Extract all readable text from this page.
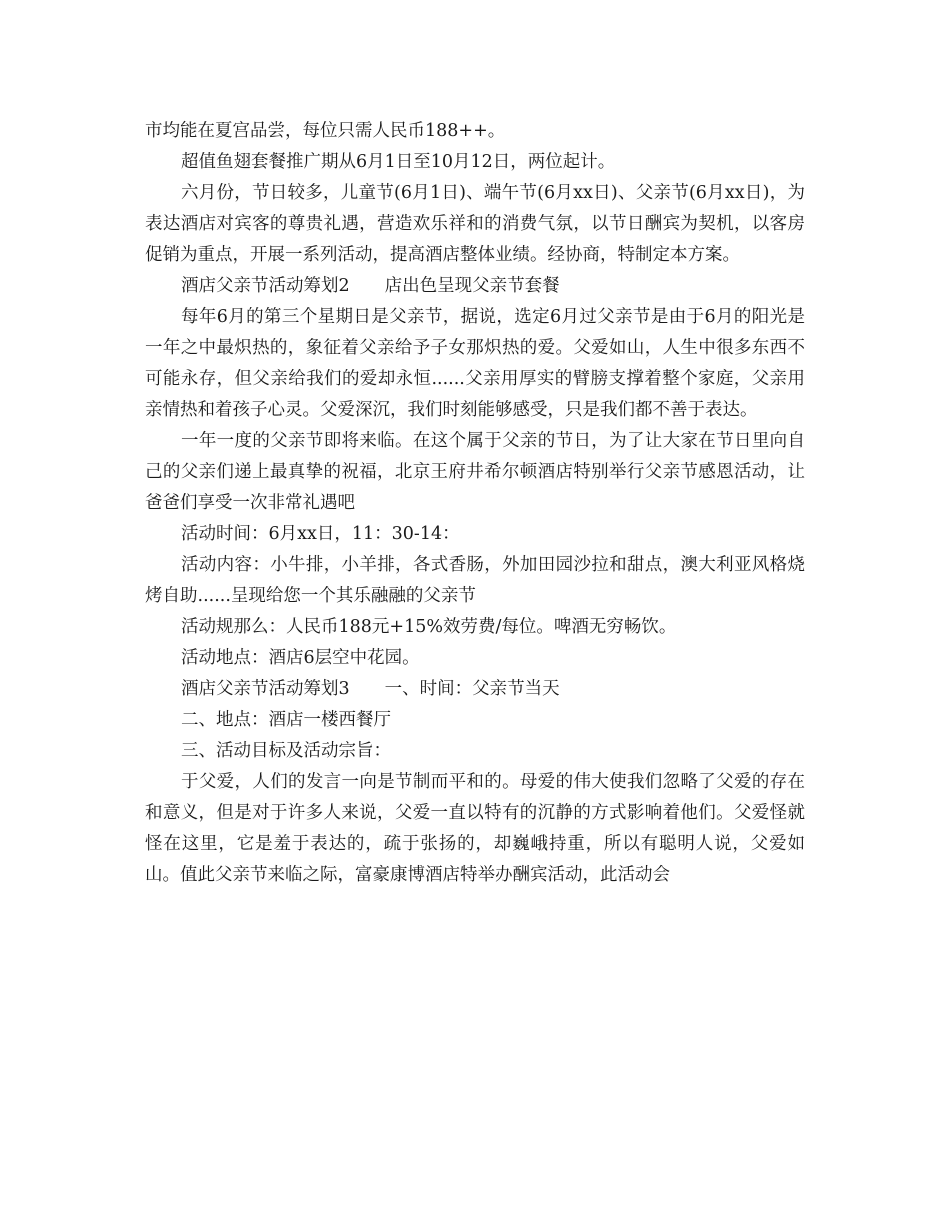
市均能在夏宫品尝，每位只需人民币188++。

超值鱼翅套餐推广期从6月1日至10月12日，两位起计。

六月份，节日较多，儿童节(6月1日)、端午节(6月xx日)、父亲节(6月xx日)，为表达酒店对宾客的尊贵礼遇，营造欢乐祥和的消费气氛，以节日酬宾为契机，以客房促销为重点，开展一系列活动，提高酒店整体业绩。经协商，特制定本方案。

酒店父亲节活动筹划2　　店出色呈现父亲节套餐

每年6月的第三个星期日是父亲节，据说，选定6月过父亲节是由于6月的阳光是一年之中最炽热的，象征着父亲给予子女那炽热的爱。父爱如山，人生中很多东西不可能永存，但父亲给我们的爱却永恒......父亲用厚实的臂膀支撑着整个家庭，父亲用亲情热和着孩子心灵。父爱深沉，我们时刻能够感受，只是我们都不善于表达。

一年一度的父亲节即将来临。在这个属于父亲的节日，为了让大家在节日里向自己的父亲们递上最真挚的祝福，北京王府井希尔顿酒店特别举行父亲节感恩活动，让爸爸们享受一次非常礼遇吧

活动时间：6月xx日，11：30-14：

活动内容：小牛排，小羊排，各式香肠，外加田园沙拉和甜点，澳大利亚风格烧烤自助......呈现给您一个其乐融融的父亲节

活动规那么：人民币188元+15%效劳费/每位。啤酒无穷畅饮。

活动地点：酒店6层空中花园。

酒店父亲节活动筹划3　　一、时间：父亲节当天

二、地点：酒店一楼西餐厅

三、活动目标及活动宗旨：

于父爱，人们的发言一向是节制而平和的。母爱的伟大使我们忽略了父爱的存在和意义，但是对于许多人来说，父爱一直以特有的沉静的方式影响着他们。父爱怪就怪在这里，它是羞于表达的，疏于张扬的，却巍峨持重，所以有聪明人说，父爱如山。值此父亲节来临之际，富豪康博酒店特举办酬宾活动，此活动会
